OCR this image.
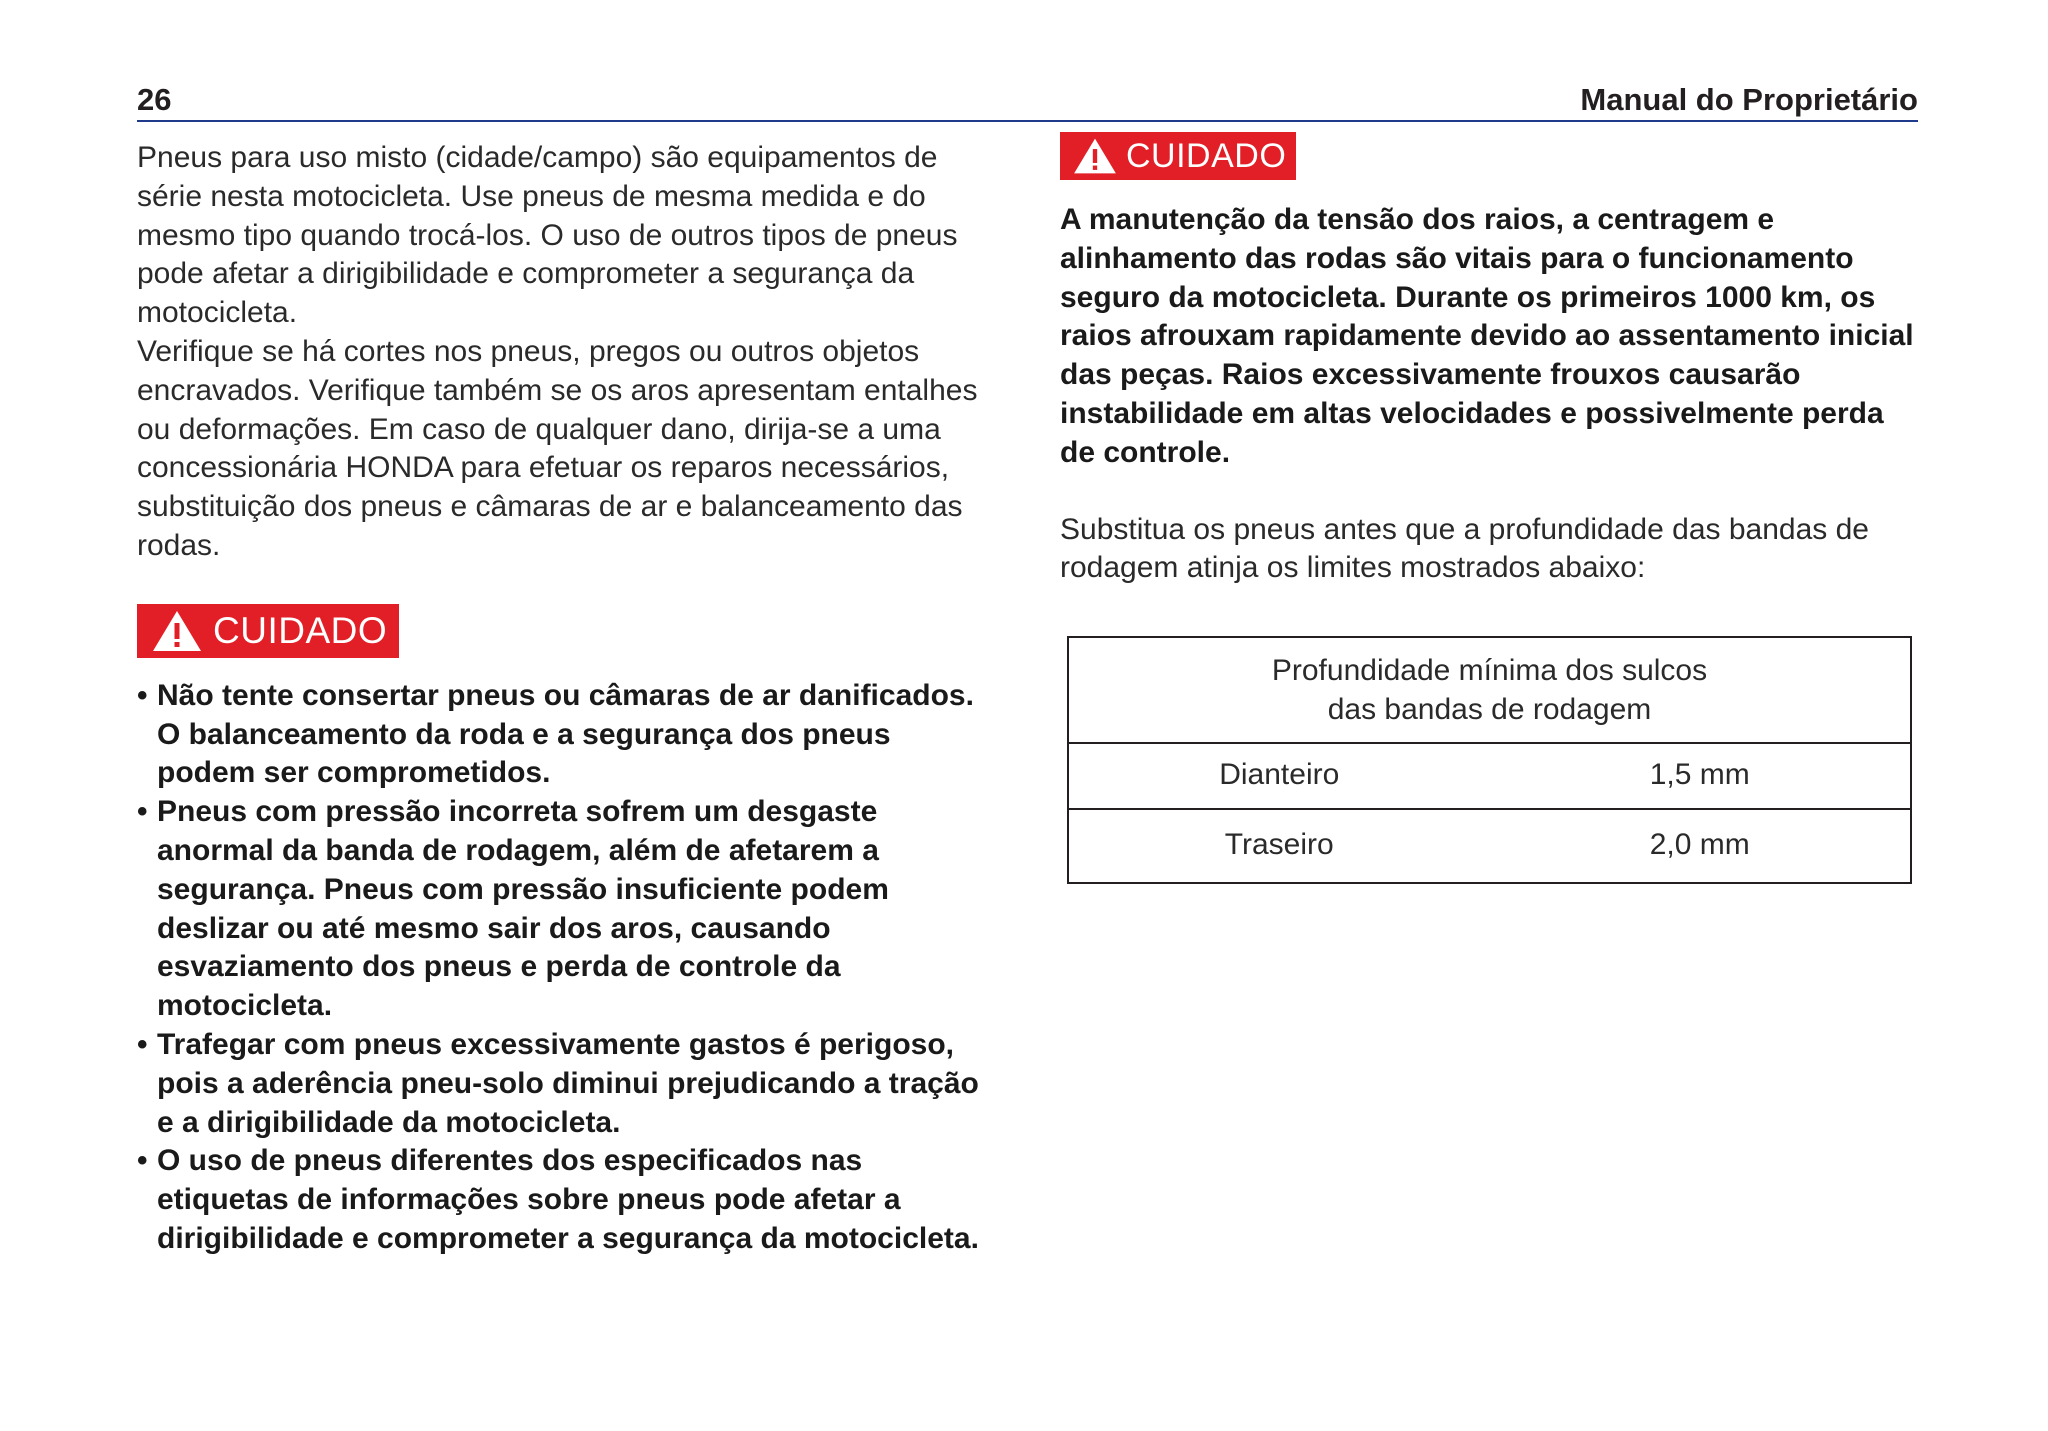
26	Manual do Proprietário

Pneus para uso misto (cidade/campo) são equipamentos de série nesta motocicleta. Use pneus de mesma medida e do mesmo tipo quando trocá-los. O uso de outros tipos de pneus pode afetar a dirigibilidade e comprometer a segurança da motocicleta.

Verifique se há cortes nos pneus, pregos ou outros objetos encravados. Verifique também se os aros apresentam entalhes ou deformações. Em caso de qualquer dano, dirija-se a uma concessionária HONDA para efetuar os reparos necessários, substituição dos pneus e câmaras de ar e balanceamento das rodas.

CUIDADO
• Não tente consertar pneus ou câmaras de ar danificados. O balanceamento da roda e a segurança dos pneus podem ser comprometidos.
• Pneus com pressão incorreta sofrem um desgaste anormal da banda de rodagem, além de afetarem a segurança. Pneus com pressão insuficiente podem deslizar ou até mesmo sair dos aros, causando esvaziamento dos pneus e perda de controle da motocicleta.
• Trafegar com pneus excessivamente gastos é perigoso, pois a aderência pneu-solo diminui prejudicando a tração e a dirigibilidade da motocicleta.
• O uso de pneus diferentes dos especificados nas etiquetas de informações sobre pneus pode afetar a dirigibilidade e comprometer a segurança da motocicleta.
CUIDADO

A manutenção da tensão dos raios, a centragem e alinhamento das rodas são vitais para o funcionamento seguro da motocicleta. Durante os primeiros 1000 km, os raios afrouxam rapidamente devido ao assentamento inicial das peças. Raios excessivamente frouxos causarão instabilidade em altas velocidades e possivelmente perda de controle.

Substitua os pneus antes que a profundidade das bandas de rodagem atinja os limites mostrados abaixo:

Profundidade mínima dos sulcos
das bandas de rodagem	

Dianteiro	1,5 mm
Traseiro	2,0 mm
